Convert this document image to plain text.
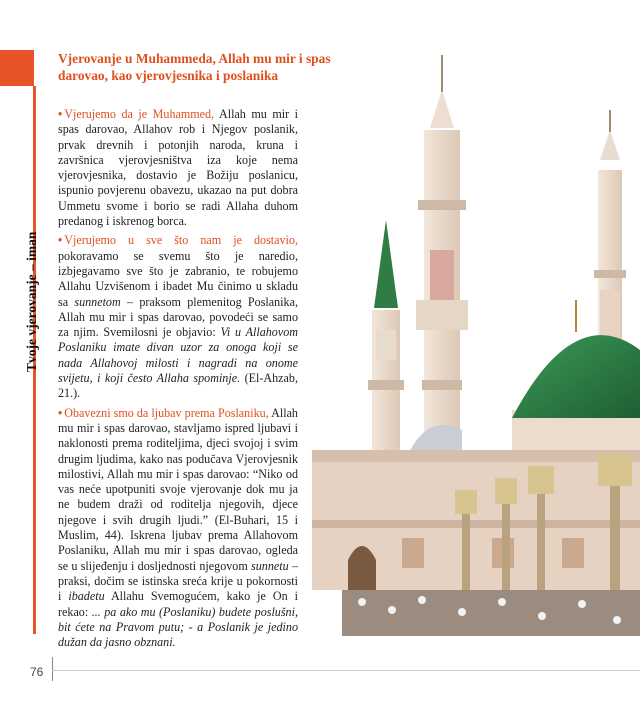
Tvoje vjerovanje – iman
Vjerovanje u Muhammeda, Allah mu mir i spas darovao, kao vjerovjesnika i poslanika

• Vjerujemo da je Muhammed, Allah mu mir i spas darovao, Allahov rob i Njegov poslanik, prvak drevnih i potonjih naroda, kruna i završnica vjerovjesništva iza koje nema vjerovjesnika, dostavio je Božiju poslanicu, ispunio povjerenu obavezu, ukazao na put dobra Ummetu svome i borio se radi Allaha duhom predanog i iskrenog borca.

• Vjerujemo u sve što nam je dostavio, pokoravamo se svemu što je naredio, izbjegavamo sve što je zabranio, te robujemo Allahu Uzvišenom i ibadet Mu činimo u skladu sa sunnetom – praksom plemenitog Poslanika, Allah mu mir i spas darovao, povodeći se samo za njim. Svemilosni je objavio: Vi u Allahovom Poslaniku imate divan uzor za onoga koji se nada Allahovoj milosti i nagradi na onome svijetu, i koji često Allaha spominje. (El-Ahzab, 21.).

• Obavezni smo da ljubav prema Poslaniku, Allah mu mir i spas darovao, stavljamo ispred ljubavi i naklonosti prema roditeljima, djeci svojoj i svim drugim ljudima, kako nas podučava Vjerovjesnik milostivi, Allah mu mir i spas darovao: “Niko od vas neće upotpuniti svoje vjerovanje dok mu ja ne budem draži od roditelja njegovih, djece njegove i svih drugih ljudi.” (El-Buhari, 15 i Muslim, 44). Iskrena ljubav prema Allahovom Poslaniku, Allah mu mir i spas darovao, ogleda se u slijeđenju i dosljednosti njegovom sunnetu – praksi, dočim se istinska sreća krije u pokornosti i ibadetu Allahu Svemogućem, kako je On i rekao: ... pa ako mu (Poslaniku) budete poslušni, bit ćete na Pravom putu; - a Poslanik je jedino dužan da jasno obznani.

76
